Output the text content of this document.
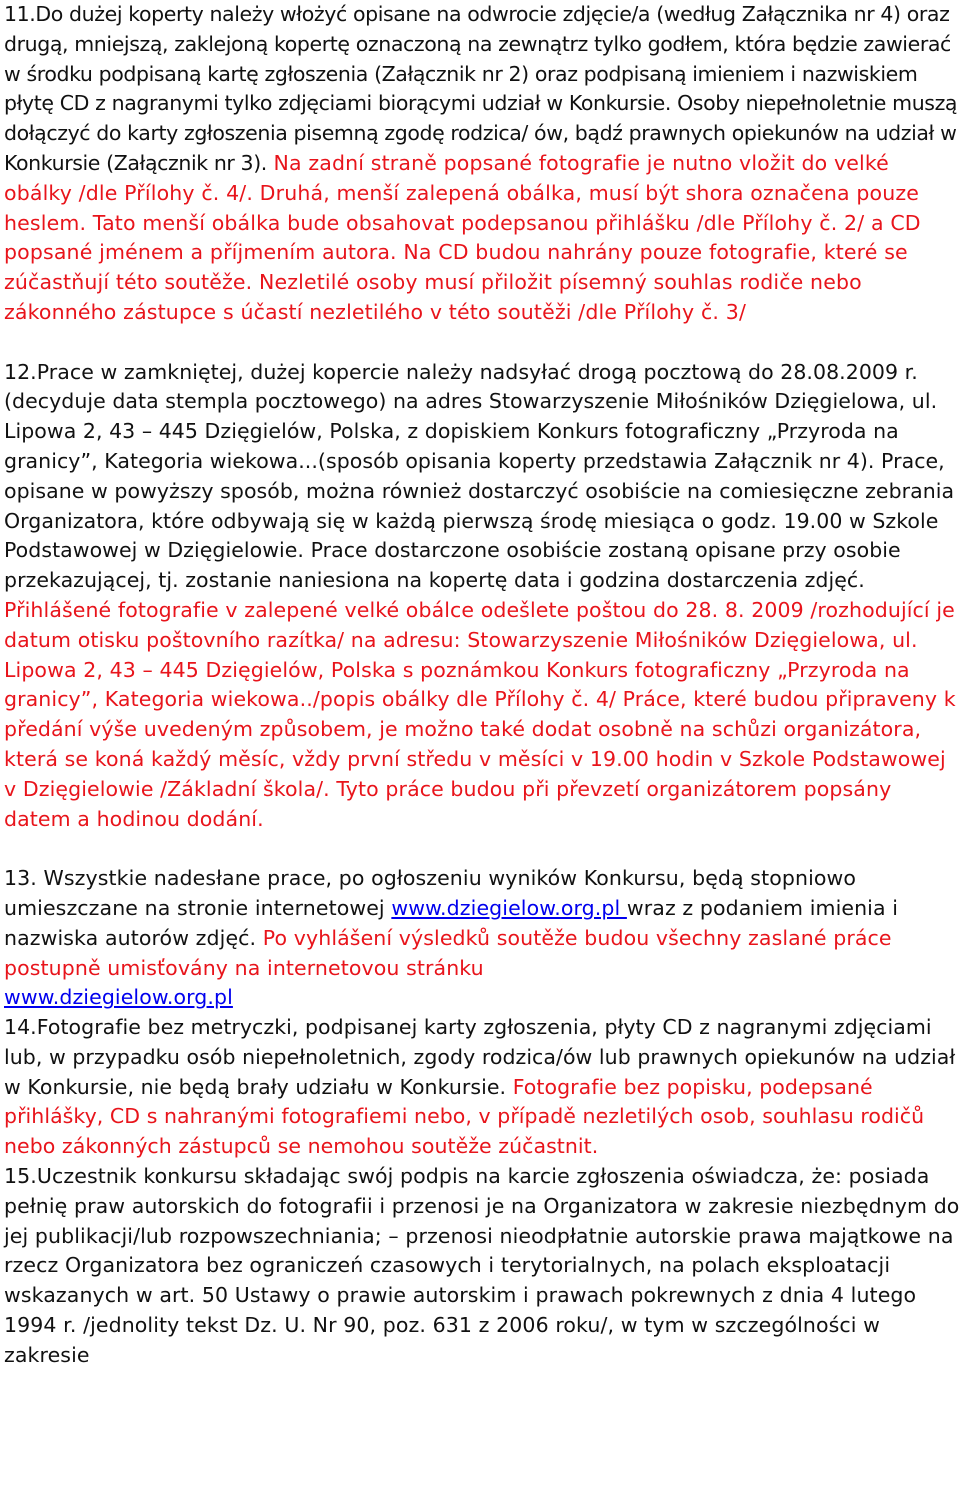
11.Do dużej koperty należy włożyć opisane na odwrocie zdjęcie/a (według Załącznika nr 4) oraz drugą, mniejszą, zaklejoną kopertę oznaczoną na zewnątrz tylko godłem, która będzie zawierać w środku podpisaną kartę zgłoszenia (Załącznik nr 2) oraz podpisaną imieniem i nazwiskiem płytę CD z nagranymi tylko zdjęciami biorącymi udział w Konkursie. Osoby niepełnoletnie muszą dołączyć do karty zgłoszenia pisemną zgodę rodzica/ ów, bądź prawnych opiekunów na udział w Konkursie (Załącznik nr 3). Na zadní straně popsané fotografie je nutno vložit do velké obálky /dle Přílohy č. 4/. Druhá, menší zalepená obálka, musí být shora označena pouze heslem. Tato menší obálka bude obsahovat podepsanou přihlášku /dle Přílohy č. 2/ a CD popsané jménem a příjmením autora. Na CD budou nahrány pouze fotografie, které se zúčastňují této soutěže. Nezletilé osoby musí přiložit písemný souhlas rodiče nebo zákonného zástupce s účastí nezletilého v této soutěži /dle Přílohy č. 3/

12.Prace w zamkniętej, dużej kopercie należy nadsyłać drogą pocztową do 28.08.2009 r. (decyduje data stempla pocztowego) na adres Stowarzyszenie Miłośników Dzięgielowa, ul. Lipowa 2, 43 – 445 Dzięgielów, Polska, z dopiskiem Konkurs fotograficzny „Przyroda na granicy”, Kategoria wiekowa...(sposób opisania koperty przedstawia Załącznik nr 4). Prace, opisane w powyższy sposób, można również dostarczyć osobiście na comiesięczne zebrania Organizatora, które odbywają się w każdą pierwszą środę miesiąca o godz. 19.00 w Szkole Podstawowej w Dzięgielowie. Prace dostarczone osobiście zostaną opisane przy osobie przekazującej, tj. zostanie naniesiona na kopertę data i godzina dostarczenia zdjęć. Přihlášené fotografie v zalepené velké obálce odešlete poštou do 28. 8. 2009 /rozhodující je datum otisku poštovního razítka/ na adresu: Stowarzyszenie Miłośników Dzięgielowa, ul. Lipowa 2, 43 – 445 Dzięgielów, Polska s poznámkou Konkurs fotograficzny „Przyroda na granicy”, Kategoria wiekowa../popis obálky dle Přílohy č. 4/ Práce, které budou připraveny k předání výše uvedeným způsobem, je možno také dodat osobně na schůzi organizátora, která se koná každý měsíc, vždy první středu v měsíci v 19.00 hodin v Szkole Podstawowej v Dzięgielowie /Základní škola/. Tyto práce budou při převzetí organizátorem popsány datem a hodinou dodání.

13. Wszystkie nadesłane prace, po ogłoszeniu wyników Konkursu, będą stopniowo umieszczane na stronie internetowej www.dziegielow.org.pl wraz z podaniem imienia i nazwiska autorów zdjęć. Po vyhlášení výsledků soutěže budou všechny zaslané práce postupně umisťovány na internetovou stránku
www.dziegielow.org.pl

14.Fotografie bez metryczki, podpisanej karty zgłoszenia, płyty CD z nagranymi zdjęciami lub, w przypadku osób niepełnoletnich, zgody rodzica/ów lub prawnych opiekunów na udział w Konkursie, nie będą brały udziału w Konkursie. Fotografie bez popisku, podepsané přihlášky, CD s nahranými fotografiemi nebo, v případě nezletilých osob, souhlasu rodičů nebo zákonných zástupců se nemohou soutěže zúčastnit.

15.Uczestnik konkursu składając swój podpis na karcie zgłoszenia oświadcza, że: posiada pełnię praw autorskich do fotografii i przenosi je na Organizatora w zakresie niezbędnym do jej publikacji/lub rozpowszechniania; – przenosi nieodpłatnie autorskie prawa majątkowe na rzecz Organizatora bez ograniczeń czasowych i terytorialnych, na polach eksploatacji wskazanych w art. 50 Ustawy o prawie autorskim i prawach pokrewnych z dnia 4 lutego 1994 r. /jednolity tekst Dz. U. Nr 90, poz. 631 z 2006 roku/, w tym w szczególności w zakresie
